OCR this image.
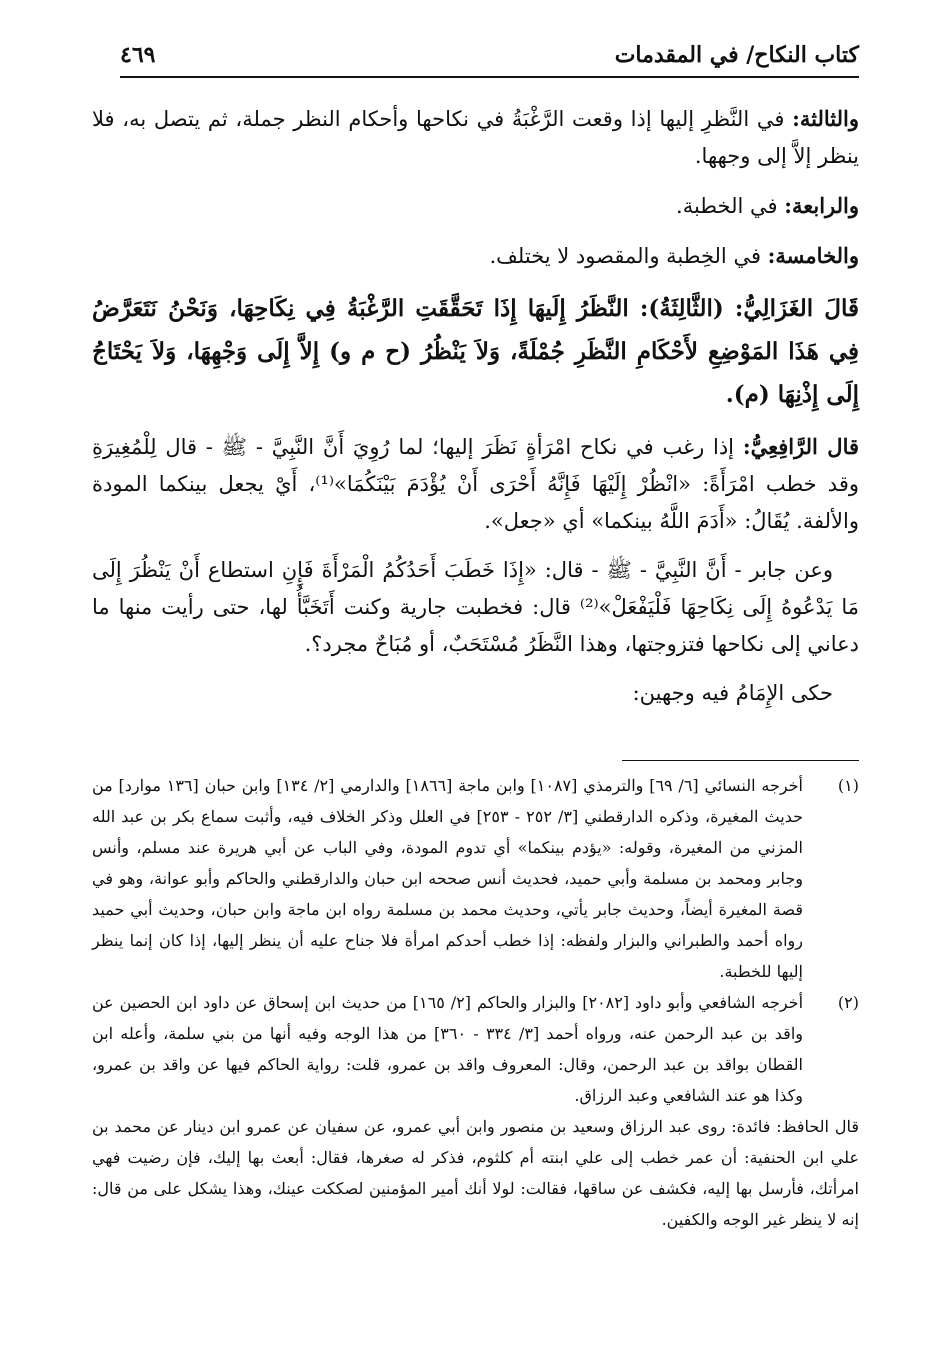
كتاب النكاح/ في المقدمات
٤٦٩

والثالثة: في النَّظرِ إليها إذا وقعت الرَّغْبَةُ في نكاحها وأحكام النظر جملة، ثم يتصل به، فلا ينظر إلاَّ إلى وجهها.

والرابعة: في الخطبة.

والخامسة: في الخِطبة والمقصود لا يختلف.

قَالَ الغَزَالِيُّ: (الثَّالِثَةُ): النَّظَرُ إِلَيهَا إِذَا تَحَقَّقَتِ الرَّغْبَةُ فِي نِكَاحِهَا، وَنَحْنُ نَتَعَرَّضُ فِي هَذَا المَوْضِعِ لأَحْكَامِ النَّظَرِ جُمْلَةً، وَلاَ يَنْظُرُ (ح م و) إِلاَّ إِلَى وَجْهِهَا، وَلاَ يَحْتَاجُ إِلَى إِذْنِهَا (م).

قال الرَّافِعِيُّ: إذا رغب في نكاح امْرَأةٍ نَظَرَ إليها؛ لما رُوِيَ أَنَّ النَّبِيَّ - ﷺ - قال لِلْمُغِيرَةِ وقد خطب امْرَأَةً: «انْظُرْ إِلَيْهَا فَإِنَّهُ أَحْرَى أَنْ يُؤْدَمَ بَيْنَكُمَا»⁽¹⁾، أَيْ يجعل بينكما المودة والألفة. يُقَالُ: «أَدَمَ اللَّهُ بينكما» أي «جعل».

وعن جابر - أَنَّ النَّبِيَّ - ﷺ - قال: «إِذَا خَطَبَ أَحَدُكُمُ الْمَرْأَةَ فَإِنِ استطاع أَنْ يَنْظُرَ إِلَى مَا يَدْعُوهُ إِلَى نِكَاحِهَا فَلْيَفْعَلْ»⁽²⁾ قال: فخطبت جارية وكنت أَتَخَبَّأُ لها، حتى رأيت منها ما دعاني إلى نكاحها فتزوجتها، وهذا النَّظَرُ مُسْتَحَبٌ، أو مُبَاحٌ مجرد؟.

حكى الإِمَامُ فيه وجهين:

(١)
أخرجه النسائي [٦/ ٦٩] والترمذي [١٠٨٧] وابن ماجة [١٨٦٦] والدارمي [٢/ ١٣٤] وابن حبان [١٣٦ موارد] من حديث المغيرة، وذكره الدارقطني [٣/ ٢٥٢ - ٢٥٣] في العلل وذكر الخلاف فيه، وأثبت سماع بكر بن عبد الله المزني من المغيرة، وقوله: «يؤدم بينكما» أي تدوم المودة، وفي الباب عن أبي هريرة عند مسلم، وأنس وجابر ومحمد بن مسلمة وأبي حميد، فحديث أنس صححه ابن حبان والدارقطني والحاكم وأبو عوانة، وهو في قصة المغيرة أيضاً، وحديث جابر يأتي، وحديث محمد بن مسلمة رواه ابن ماجة وابن حبان، وحديث أبي حميد رواه أحمد والطبراني والبزار ولفظه: إذا خطب أحدكم امرأة فلا جناح عليه أن ينظر إليها، إذا كان إنما ينظر إليها للخطبة.

(٢)
أخرجه الشافعي وأبو داود [٢٠٨٢] والبزار والحاكم [٢/ ١٦٥] من حديث ابن إسحاق عن داود ابن الحصين عن واقد بن عبد الرحمن عنه، ورواه أحمد [٣/ ٣٣٤ - ٣٦٠] من هذا الوجه وفيه أنها من بني سلمة، وأعله ابن القطان بواقد بن عبد الرحمن، وقال: المعروف واقد بن عمرو، قلت: رواية الحاكم فيها عن واقد بن عمرو، وكذا هو عند الشافعي وعبد الرزاق.

قال الحافظ: فائدة: روى عبد الرزاق وسعيد بن منصور وابن أبي عمرو، عن سفيان عن عمرو ابن دينار عن محمد بن علي ابن الحنفية: أن عمر خطب إلى علي ابنته أم كلثوم، فذكر له صغرها، فقال: أبعث بها إليك، فإن رضيت فهي امرأتك، فأرسل بها إليه، فكشف عن ساقها، فقالت: لولا أنك أمير المؤمنين لصككت عينك، وهذا يشكل على من قال: إنه لا ينظر غير الوجه والكفين.
